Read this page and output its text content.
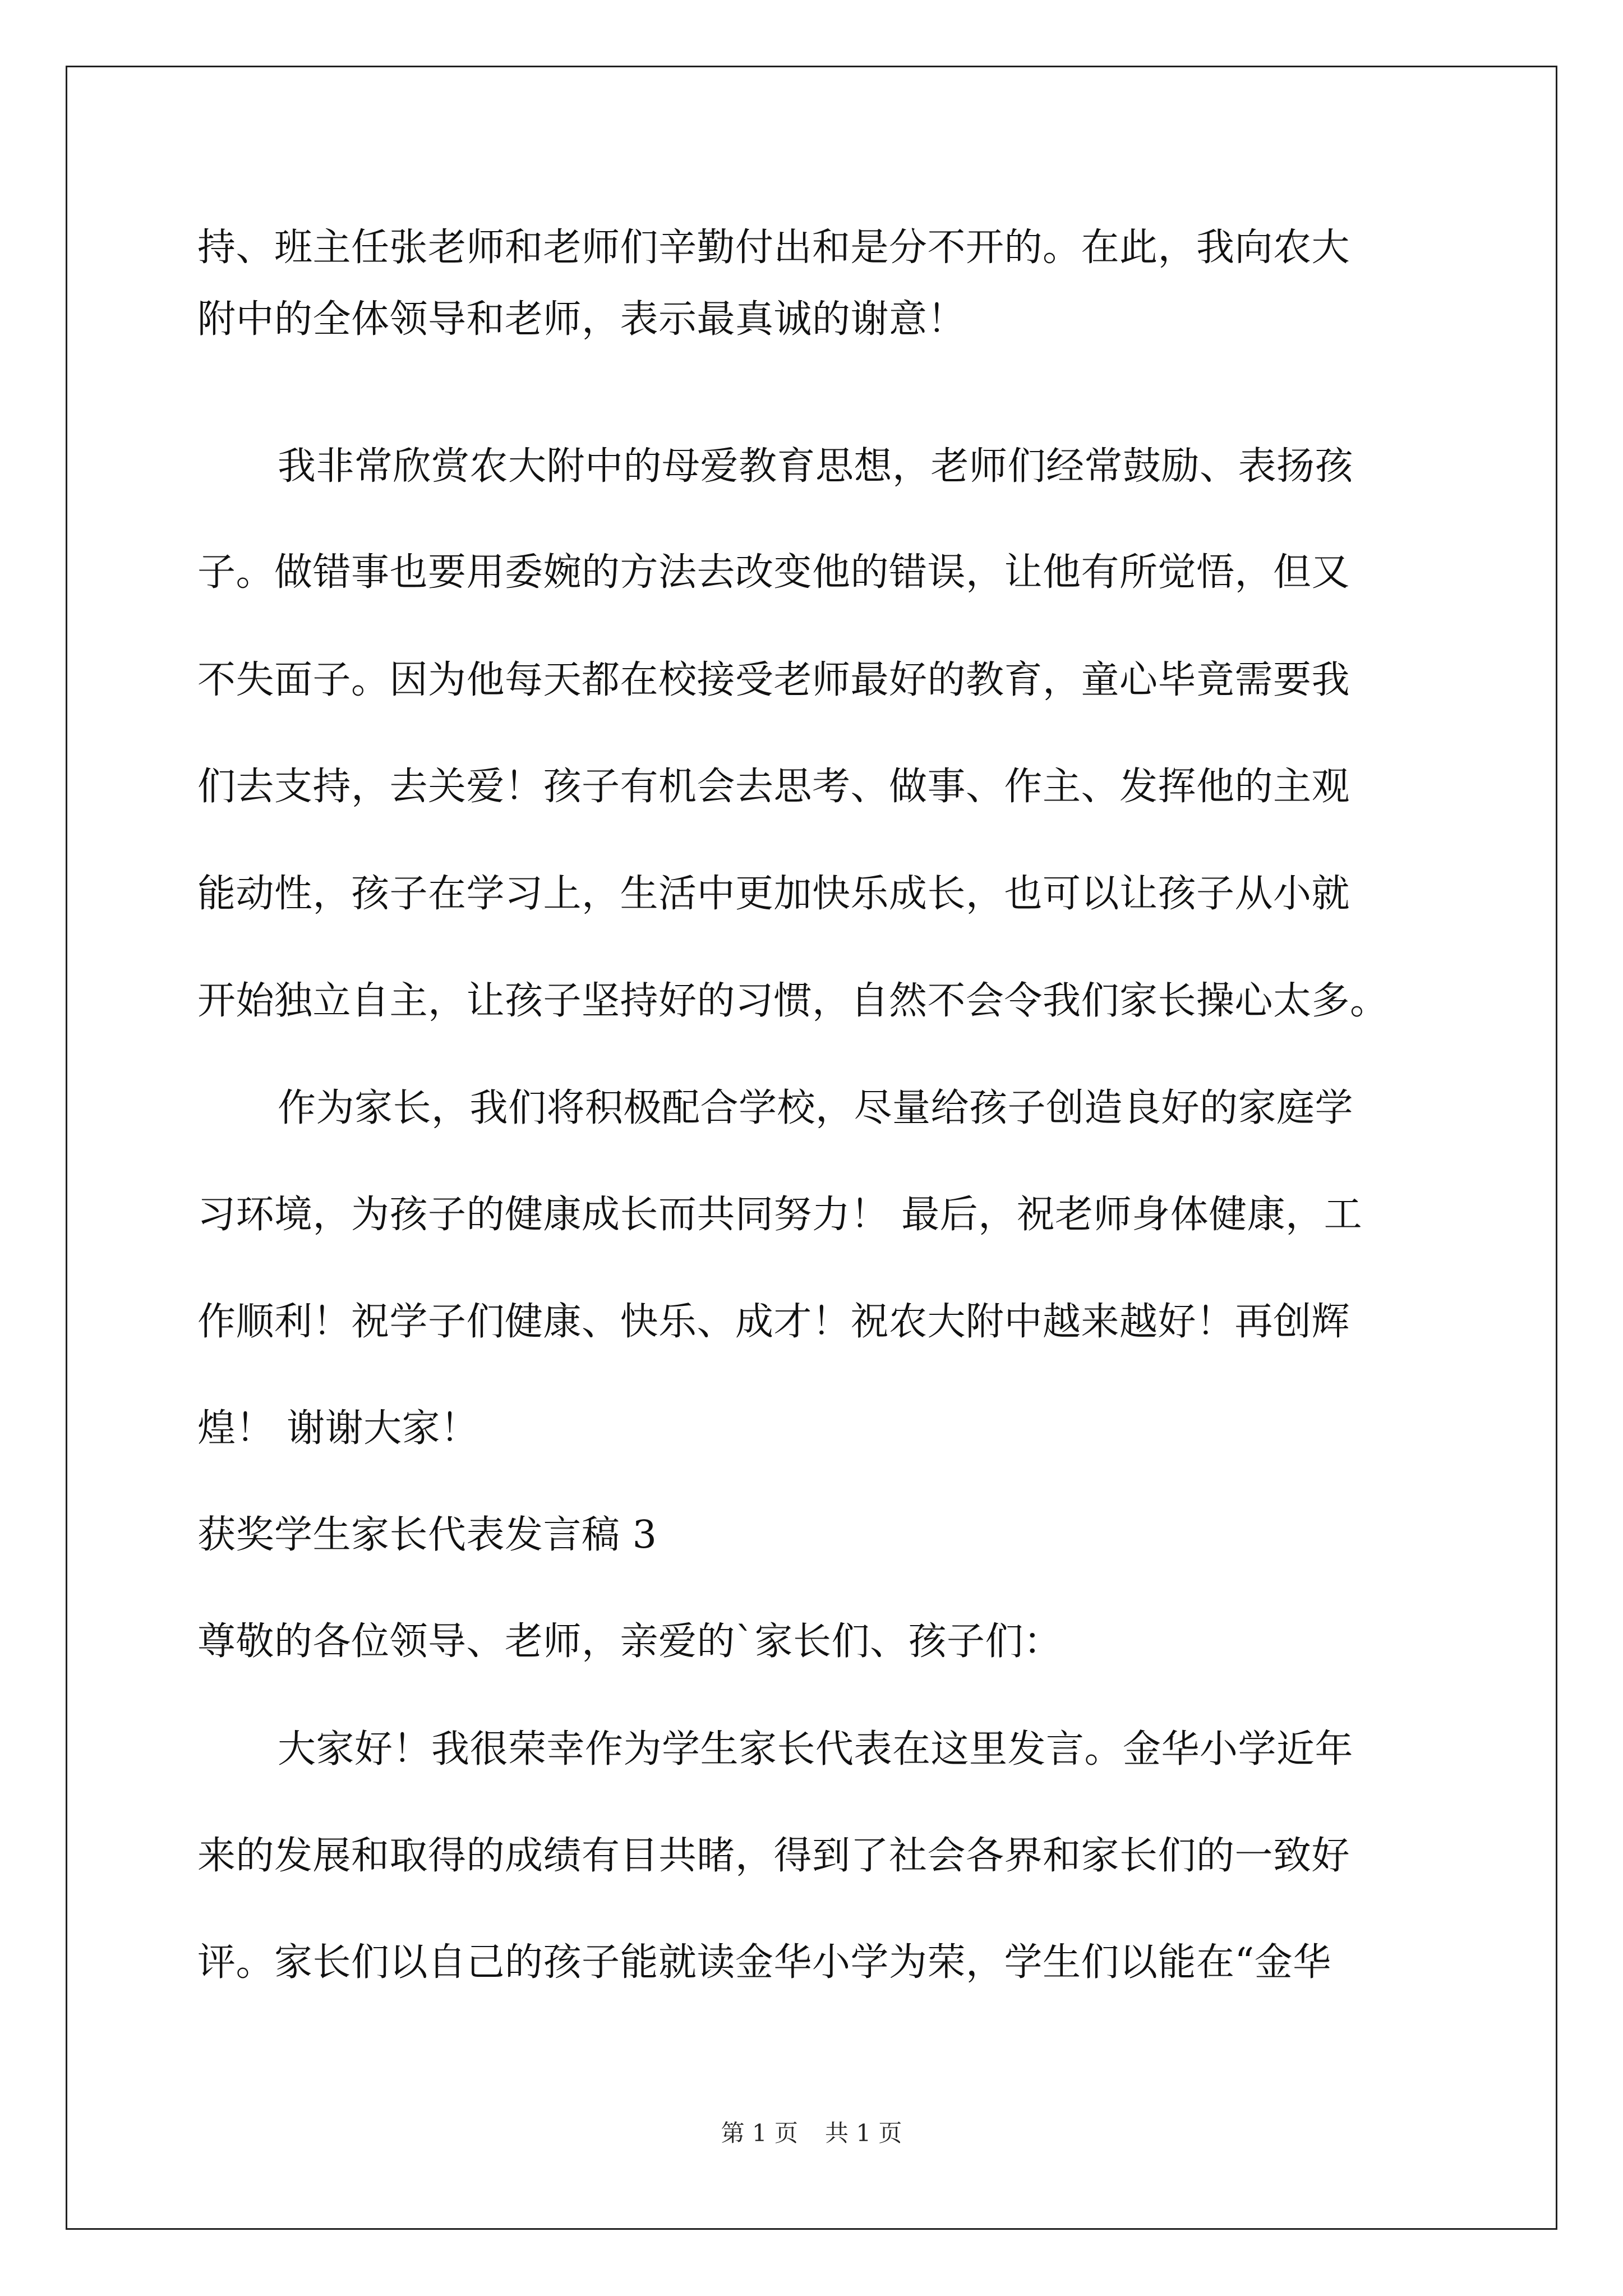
持、班主任张老师和老师们辛勤付出和是分不开的。在此，我向农大
附中的全体领导和老师，表示最真诚的谢意！
我非常欣赏农大附中的母爱教育思想，老师们经常鼓励、表扬孩
子。做错事也要用委婉的方法去改变他的错误，让他有所觉悟，但又
不失面子。因为他每天都在校接受老师最好的教育，童心毕竟需要我
们去支持，去关爱！孩子有机会去思考、做事、作主、发挥他的主观
能动性，孩子在学习上，生活中更加快乐成长，也可以让孩子从小就
开始独立自主，让孩子坚持好的习惯，自然不会令我们家长操心太多。
作为家长，我们将积极配合学校，尽量给孩子创造良好的家庭学
习环境，为孩子的健康成长而共同努力！ 最后，祝老师身体健康，工
作顺利！祝学子们健康、快乐、成才！祝农大附中越来越好！再创辉
煌！ 谢谢大家！
获奖学生家长代表发言稿 3
尊敬的各位领导、老师，亲爱的`家长们、孩子们：
大家好！我很荣幸作为学生家长代表在这里发言。金华小学近年
来的发展和取得的成绩有目共睹，得到了社会各界和家长们的一致好
评。家长们以自己的孩子能就读金华小学为荣，学生们以能在“金华
第 1 页 共 1 页
